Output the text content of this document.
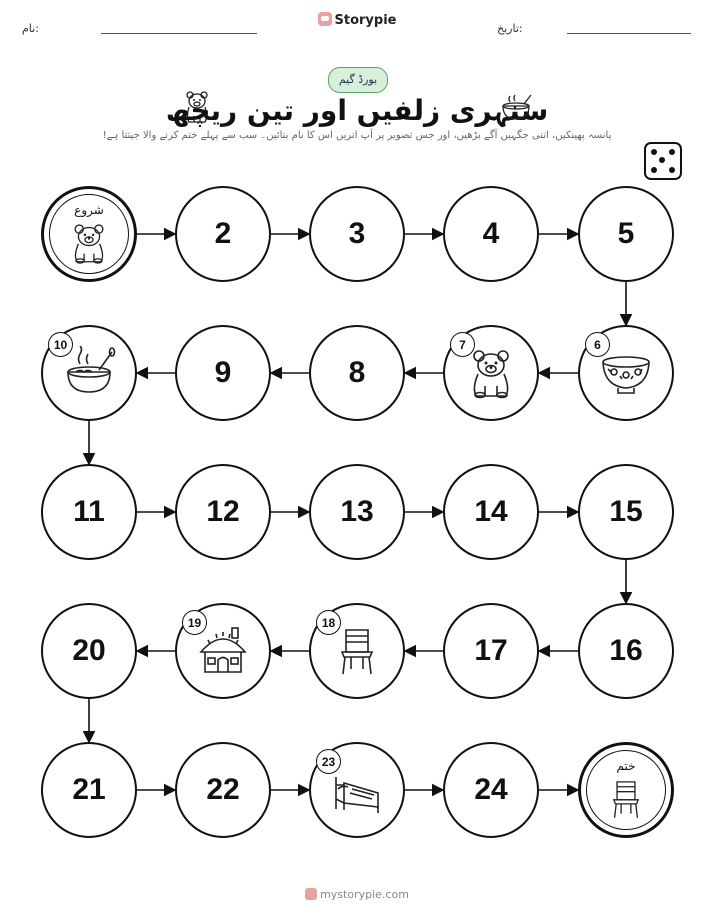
نام:	تاریخ:
Storypie
بورڈ گیم
سنہری زلفیں اور تین ریچھ
پانسہ پھینکیں، اتنی جگہیں آگے بڑھیں، اور جس تصویر پر آپ اتریں اس کا نام بتائیں۔ سب سے پہلے ختم کرنے والا جیتتا ہے!
شروع
2	3	4	5
6
7
8
9
10
11	12	13	14	15
16
17
18
19
20
21	22
23
24
ختم
mystorypie.com
